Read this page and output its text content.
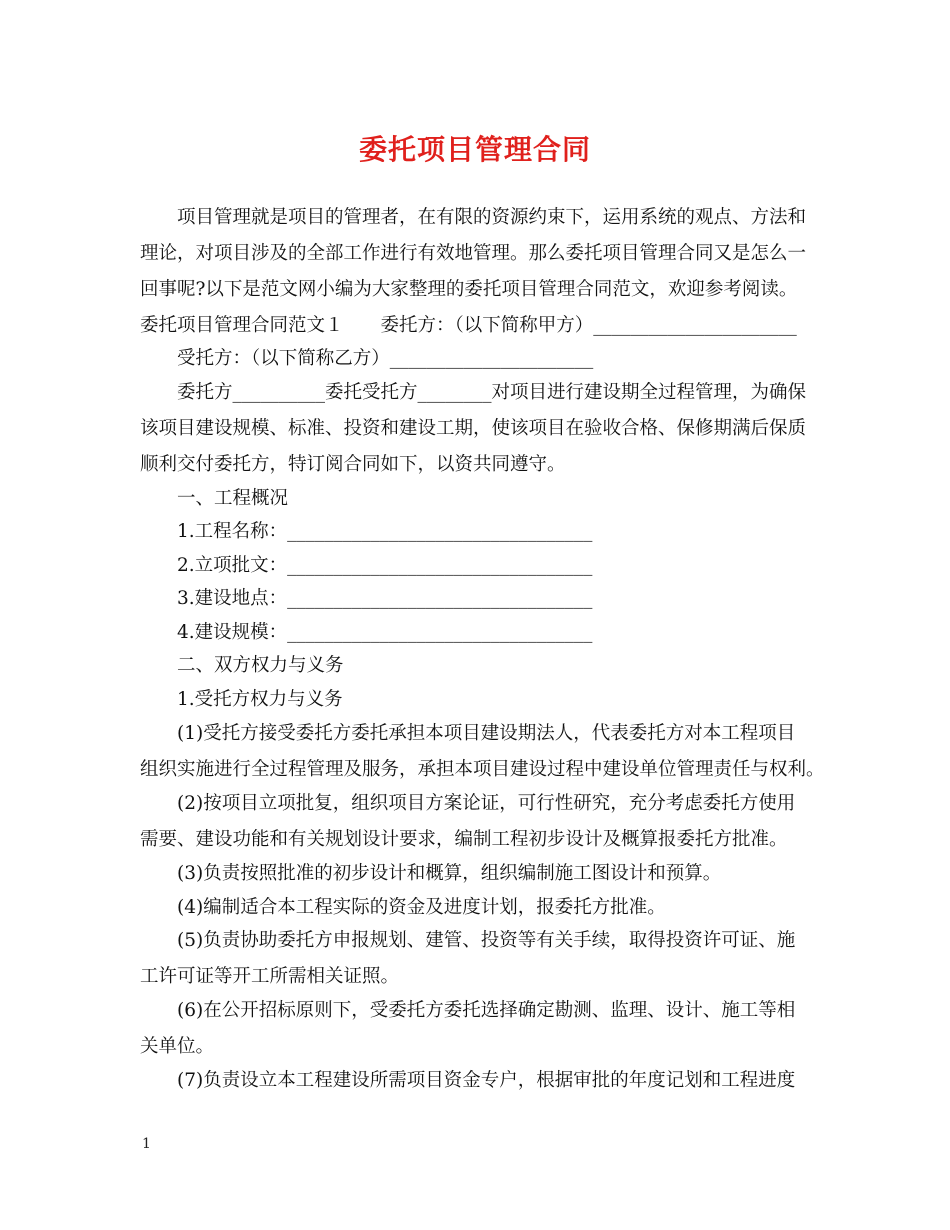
委托项目管理合同
项目管理就是项目的管理者，在有限的资源约束下，运用系统的观点、方法和
理论，对项目涉及的全部工作进行有效地管理。那么委托项目管理合同又是怎么一
回事呢?以下是范文网小编为大家整理的委托项目管理合同范文，欢迎参考阅读。
委托项目管理合同范文１　　委托方：（以下简称甲方）______________________
受托方：（以下简称乙方）______________________
委托方__________委托受托方________对项目进行建设期全过程管理，为确保
该项目建设规模、标准、投资和建设工期，使该项目在验收合格、保修期满后保质
顺利交付委托方，特订阅合同如下，以资共同遵守。
一、工程概况
1.工程名称：_________________________________
2.立项批文：_________________________________
3.建设地点：_________________________________
4.建设规模：_________________________________
二、双方权力与义务
1.受托方权力与义务
(1)受托方接受委托方委托承担本项目建设期法人，代表委托方对本工程项目
组织实施进行全过程管理及服务，承担本项目建设过程中建设单位管理责任与权利。
(2)按项目立项批复，组织项目方案论证，可行性研究，充分考虑委托方使用
需要、建设功能和有关规划设计要求，编制工程初步设计及概算报委托方批准。
(3)负责按照批准的初步设计和概算，组织编制施工图设计和预算。
(4)编制适合本工程实际的资金及进度计划，报委托方批准。
(5)负责协助委托方申报规划、建管、投资等有关手续，取得投资许可证、施
工许可证等开工所需相关证照。
(6)在公开招标原则下，受委托方委托选择确定勘测、监理、设计、施工等相
关单位。
(7)负责设立本工程建设所需项目资金专户，根据审批的年度记划和工程进度
1
